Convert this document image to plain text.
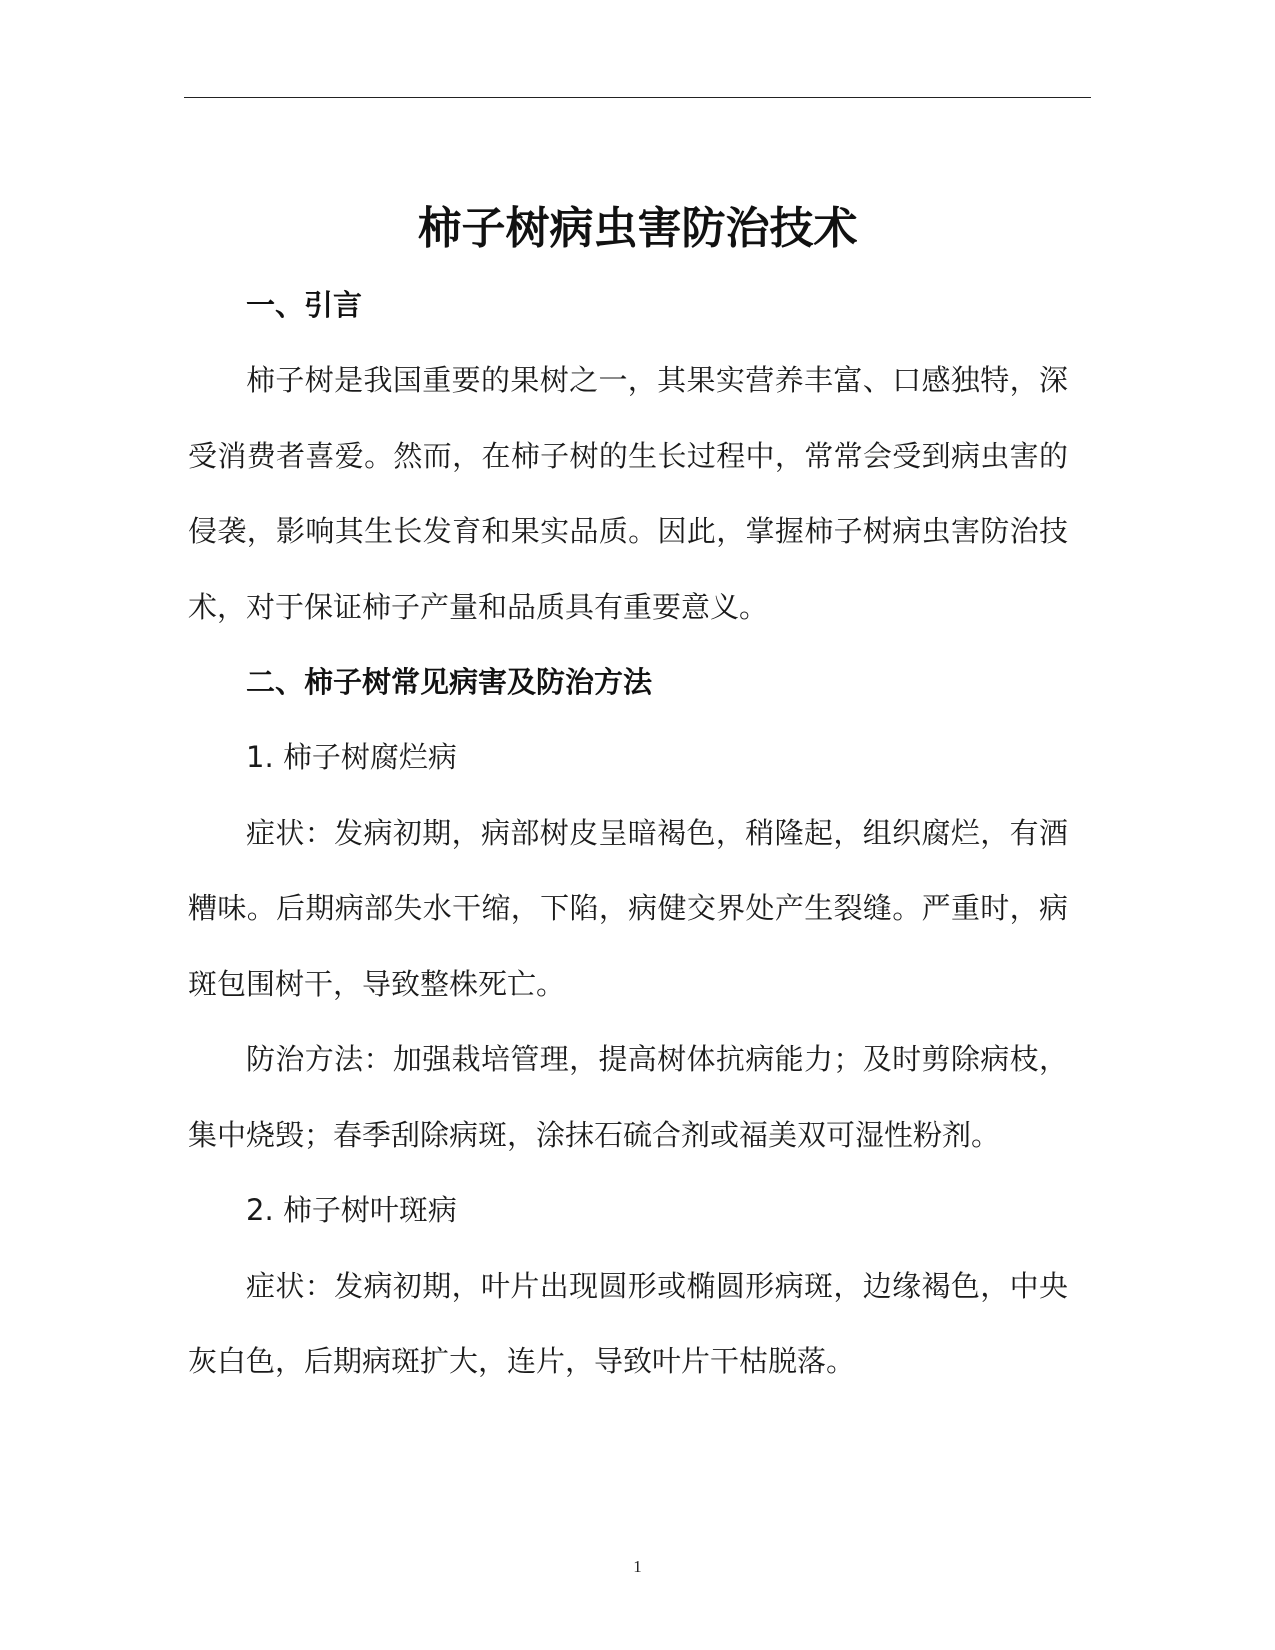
柿子树病虫害防治技术
一、引言

柿子树是我国重要的果树之一，其果实营养丰富、口感独特，深受消费者喜爱。然而，在柿子树的生长过程中，常常会受到病虫害的侵袭，影响其生长发育和果实品质。因此，掌握柿子树病虫害防治技术，对于保证柿子产量和品质具有重要意义。

二、柿子树常见病害及防治方法

1. 柿子树腐烂病

症状：发病初期，病部树皮呈暗褐色，稍隆起，组织腐烂，有酒糟味。后期病部失水干缩，下陷，病健交界处产生裂缝。严重时，病斑包围树干，导致整株死亡。

防治方法：加强栽培管理，提高树体抗病能力；及时剪除病枝，集中烧毁；春季刮除病斑，涂抹石硫合剂或福美双可湿性粉剂。

2. 柿子树叶斑病

症状：发病初期，叶片出现圆形或椭圆形病斑，边缘褐色，中央灰白色，后期病斑扩大，连片，导致叶片干枯脱落。

1
